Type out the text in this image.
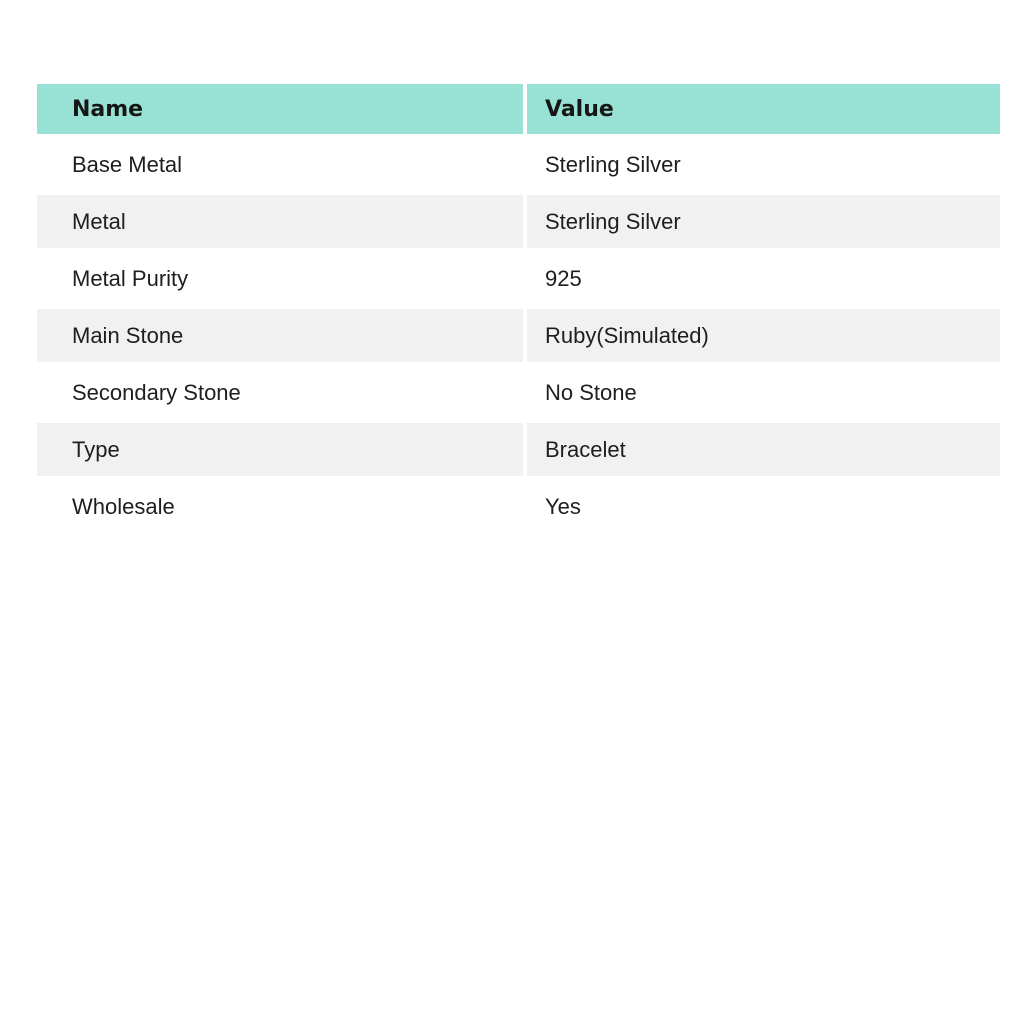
Name	Value
Base Metal	Sterling Silver
Metal	Sterling Silver
Metal Purity	925
Main Stone	Ruby(Simulated)
Secondary Stone	No Stone
Type	Bracelet
Wholesale	Yes
